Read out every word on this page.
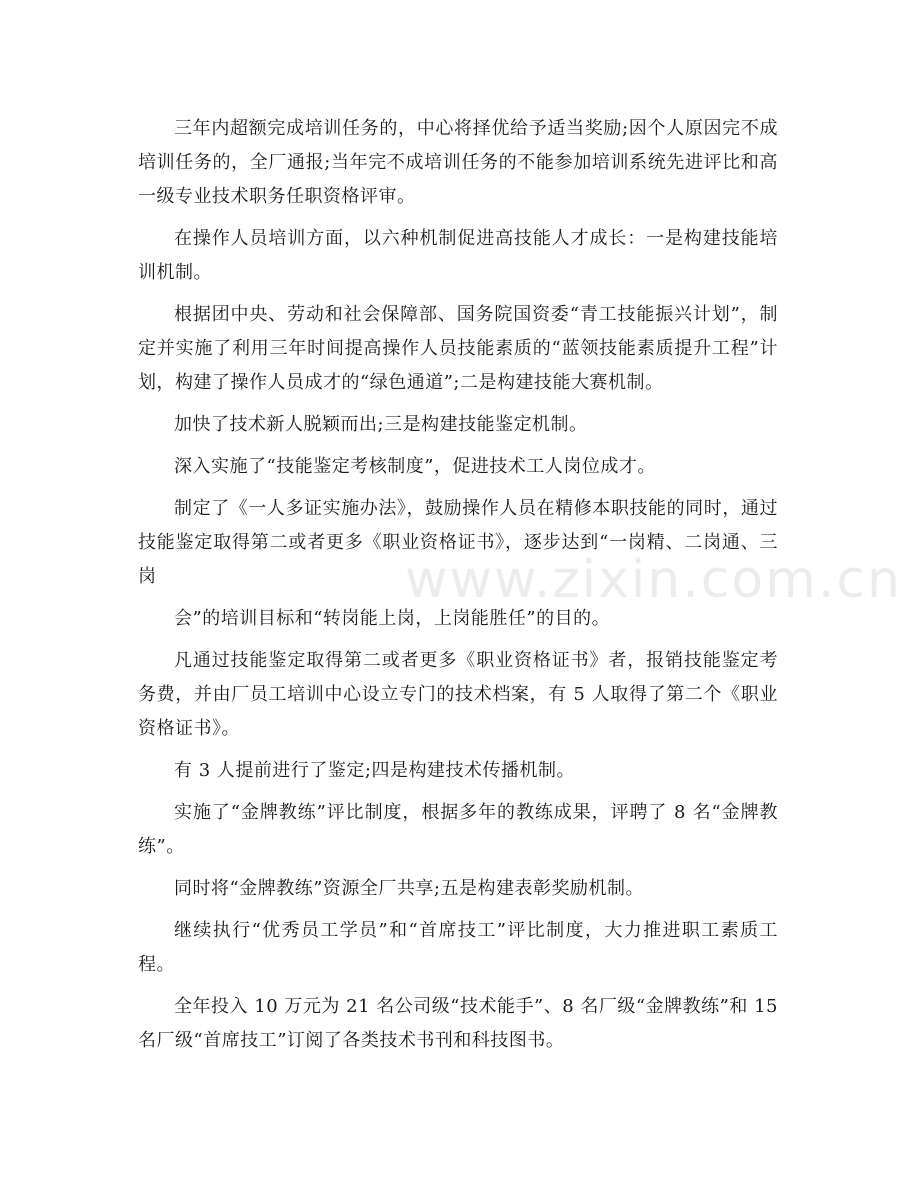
三年内超额完成培训任务的，中心将择优给予适当奖励;因个人原因完不成培训任务的，全厂通报;当年完不成培训任务的不能参加培训系统先进评比和高一级专业技术职务任职资格评审。

在操作人员培训方面，以六种机制促进高技能人才成长：一是构建技能培训机制。

根据团中央、劳动和社会保障部、国务院国资委“青工技能振兴计划”，制定并实施了利用三年时间提高操作人员技能素质的“蓝领技能素质提升工程”计划，构建了操作人员成才的“绿色通道”;二是构建技能大赛机制。

加快了技术新人脱颖而出;三是构建技能鉴定机制。

深入实施了“技能鉴定考核制度”，促进技术工人岗位成才。

制定了《一人多证实施办法》，鼓励操作人员在精修本职技能的同时，通过技能鉴定取得第二或者更多《职业资格证书》，逐步达到“一岗精、二岗通、三岗

会”的培训目标和“转岗能上岗，上岗能胜任”的目的。

凡通过技能鉴定取得第二或者更多《职业资格证书》者，报销技能鉴定考务费，并由厂员工培训中心设立专门的技术档案，有 5 人取得了第二个《职业资格证书》。

有 3 人提前进行了鉴定;四是构建技术传播机制。

实施了“金牌教练”评比制度，根据多年的教练成果，评聘了 8 名“金牌教练”。

同时将“金牌教练”资源全厂共享;五是构建表彰奖励机制。

继续执行“优秀员工学员”和“首席技工”评比制度，大力推进职工素质工程。

全年投入 10 万元为 21 名公司级“技术能手”、8 名厂级“金牌教练”和 15 名厂级“首席技工”订阅了各类技术书刊和科技图书。

www.zixin.com.cn
